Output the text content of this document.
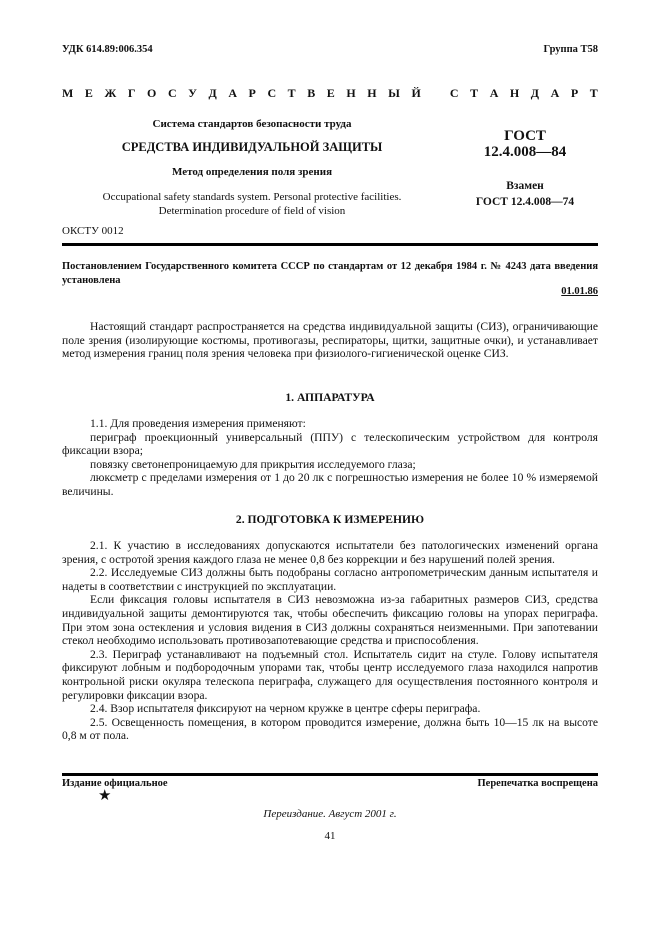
УДК 614.89:006.354	Группа Т58
М Е Ж Г О С У Д А Р С Т В Е Н Н Ы Й
С Т А Н Д А Р Т
Система стандартов безопасности труда
СРЕДСТВА ИНДИВИДУАЛЬНОЙ ЗАЩИТЫ
Метод определения поля зрения
Occupational safety standards system. Personal protective facilities.
Determination procedure of field of vision
ГОСТ
12.4.008—84
Взамен
ГОСТ 12.4.008—74
ОКСТУ 0012
Постановлением Государственного комитета СССР по стандартам от 12 декабря 1984 г. № 4243 дата введения установлена
01.01.86

Настоящий стандарт распространяется на средства индивидуальной защиты (СИЗ), ограничивающие поле зрения (изолирующие костюмы, противогазы, респираторы, щитки, защитные очки), и устанавливает метод измерения границ поля зрения человека при физиолого-гигиенической оценке СИЗ.

1. АППАРАТУРА

1.1. Для проведения измерения применяют:

периграф проекционный универсальный (ППУ) с телескопическим устройством для контроля фиксации взора;

повязку светонепроницаемую для прикрытия исследуемого глаза;

люксметр с пределами измерения от 1 до 20 лк с погрешностью измерения не более 10 % измеряемой величины.

2. ПОДГОТОВКА К ИЗМЕРЕНИЮ

2.1. К участию в исследованиях допускаются испытатели без патологических изменений органа зрения, с остротой зрения каждого глаза не менее 0,8 без коррекции и без нарушений полей зрения.

2.2. Исследуемые СИЗ должны быть подобраны согласно антропометрическим данным испытателя и надеты в соответствии с инструкцией по эксплуатации.

Если фиксация головы испытателя в СИЗ невозможна из-за габаритных размеров СИЗ, средства индивидуальной защиты демонтируются так, чтобы обеспечить фиксацию головы на упорах периграфа. При этом зона остекления и условия видения в СИЗ должны сохраняться неизменными. При запотевании стекол необходимо использовать противозапотевающие средства и приспособления.

2.3. Периграф устанавливают на подъемный стол. Испытатель сидит на стуле. Голову испытателя фиксируют лобным и подбородочным упорами так, чтобы центр исследуемого глаза находился напротив контрольной риски окуляра телескопа периграфа, служащего для осуществления постоянного контроля и регулировки фиксации взора.

2.4. Взор испытателя фиксируют на черном кружке в центре сферы периграфа.

2.5. Освещенность помещения, в котором проводится измерение, должна быть 10—15 лк на высоте 0,8 м от пола.

Издание официальное	Перепечатка воспрещена
★
Переиздание. Август 2001 г.
41
